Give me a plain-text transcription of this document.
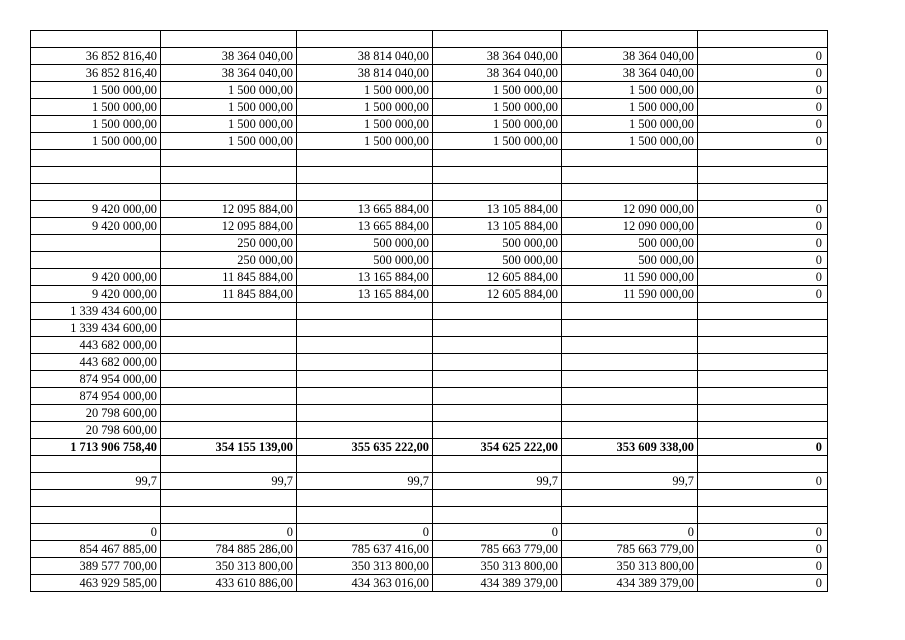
36 852 816,40	38 364 040,00	38 814 040,00	38 364 040,00	38 364 040,00	0
36 852 816,40	38 364 040,00	38 814 040,00	38 364 040,00	38 364 040,00	0
1 500 000,00	1 500 000,00	1 500 000,00	1 500 000,00	1 500 000,00	0
1 500 000,00	1 500 000,00	1 500 000,00	1 500 000,00	1 500 000,00	0
1 500 000,00	1 500 000,00	1 500 000,00	1 500 000,00	1 500 000,00	0
1 500 000,00	1 500 000,00	1 500 000,00	1 500 000,00	1 500 000,00	0

9 420 000,00	12 095 884,00	13 665 884,00	13 105 884,00	12 090 000,00	0
9 420 000,00	12 095 884,00	13 665 884,00	13 105 884,00	12 090 000,00	0
	250 000,00	500 000,00	500 000,00	500 000,00	0
	250 000,00	500 000,00	500 000,00	500 000,00	0
9 420 000,00	11 845 884,00	13 165 884,00	12 605 884,00	11 590 000,00	0
9 420 000,00	11 845 884,00	13 165 884,00	12 605 884,00	11 590 000,00	0
1 339 434 600,00					
1 339 434 600,00					
443 682 000,00					
443 682 000,00					
874 954 000,00					
874 954 000,00					
20 798 600,00					
20 798 600,00					
1 713 906 758,40	354 155 139,00	355 635 222,00	354 625 222,00	353 609 338,00	0

99,7	99,7	99,7	99,7	99,7	0

0	0	0	0	0	0
854 467 885,00	784 885 286,00	785 637 416,00	785 663 779,00	785 663 779,00	0
389 577 700,00	350 313 800,00	350 313 800,00	350 313 800,00	350 313 800,00	0
463 929 585,00	433 610 886,00	434 363 016,00	434 389 379,00	434 389 379,00	0
